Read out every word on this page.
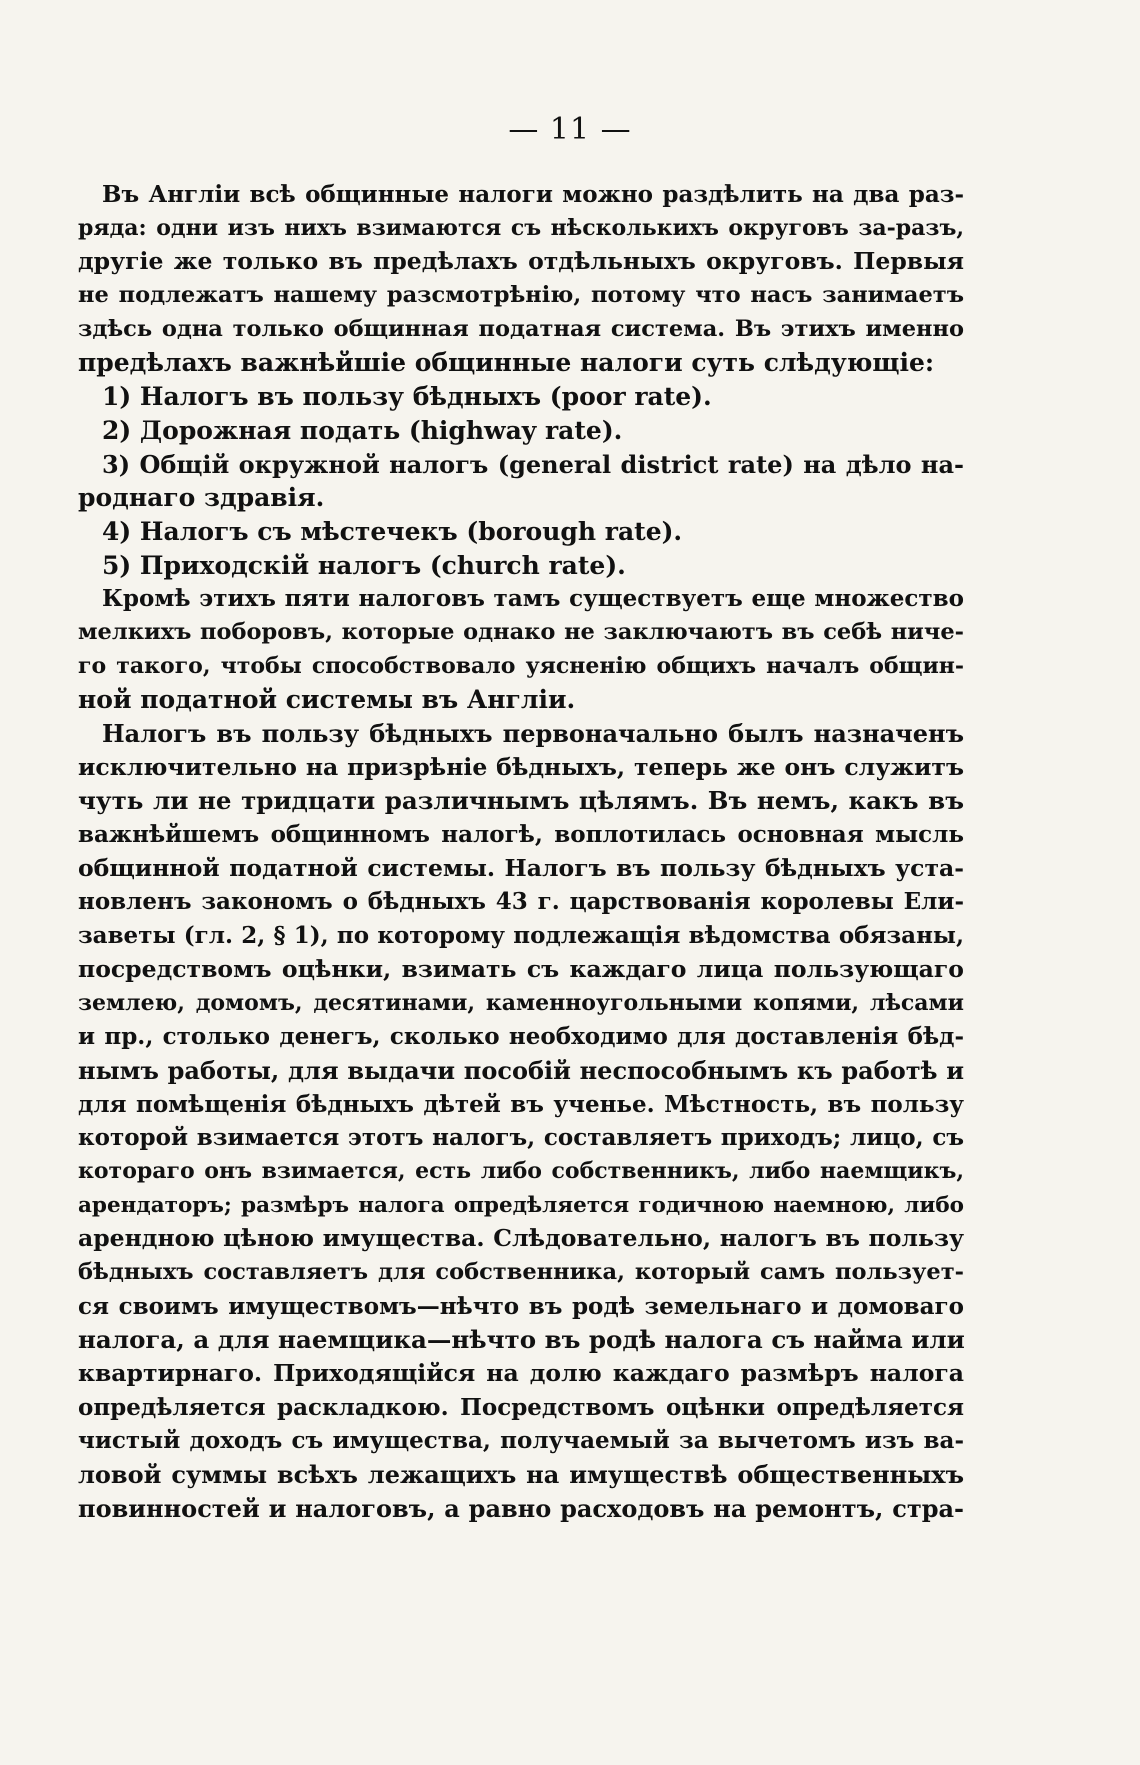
— 11 —
Въ Англіи всѣ общинные налоги можно раздѣлить на два раз-
ряда: одни изъ нихъ взимаются съ нѣсколькихъ округовъ за-разъ,
другіе же только въ предѣлахъ отдѣльныхъ округовъ. Первыя
не подлежатъ нашему разсмотрѣнію, потому что насъ занимаетъ
здѣсь одна только общинная податная система. Въ этихъ именно
предѣлахъ важнѣйшіе общинные налоги суть слѣдующіе:
1) Налогъ въ пользу бѣдныхъ (poor rate).
2) Дорожная подать (highway rate).
3) Общій окружной налогъ (general district rate) на дѣло на-
роднаго здравія.
4) Налогъ съ мѣстечекъ (borough rate).
5) Приходскій налогъ (church rate).
Кромѣ этихъ пяти налоговъ тамъ существуетъ еще множество
мелкихъ поборовъ, которые однако не заключаютъ въ себѣ ниче-
го такого, чтобы способствовало уясненію общихъ началъ общин-
ной податной системы въ Англіи.
Налогъ въ пользу бѣдныхъ первоначально былъ назначенъ
исключительно на призрѣніе бѣдныхъ, теперь же онъ служитъ
чуть ли не тридцати различнымъ цѣлямъ. Въ немъ, какъ въ
важнѣйшемъ общинномъ налогѣ, воплотилась основная мысль
общинной податной системы. Налогъ въ пользу бѣдныхъ уста-
новленъ закономъ о бѣдныхъ 43 г. царствованія королевы Ели-
заветы (гл. 2, § 1), по которому подлежащія вѣдомства обязаны,
посредствомъ оцѣнки, взимать съ каждаго лица пользующаго
землею, домомъ, десятинами, каменноугольными копями, лѣсами
и пр., столько денегъ, сколько необходимо для доставленія бѣд-
нымъ работы, для выдачи пособій неспособнымъ къ работѣ и
для помѣщенія бѣдныхъ дѣтей въ ученье. Мѣстность, въ пользу
которой взимается этотъ налогъ, составляетъ приходъ; лицо, съ
котораго онъ взимается, есть либо собственникъ, либо наемщикъ,
арендаторъ; размѣръ налога опредѣляется годичною наемною, либо
арендною цѣною имущества. Слѣдовательно, налогъ въ пользу
бѣдныхъ составляетъ для собственника, который самъ пользует-
ся своимъ имуществомъ—нѣчто въ родѣ земельнаго и домоваго
налога, а для наемщика—нѣчто въ родѣ налога съ найма или
квартирнаго. Приходящійся на долю каждаго размѣръ налога
опредѣляется раскладкою. Посредствомъ оцѣнки опредѣляется
чистый доходъ съ имущества, получаемый за вычетомъ изъ ва-
ловой суммы всѣхъ лежащихъ на имуществѣ общественныхъ
повинностей и налоговъ, а равно расходовъ на ремонтъ, стра-
